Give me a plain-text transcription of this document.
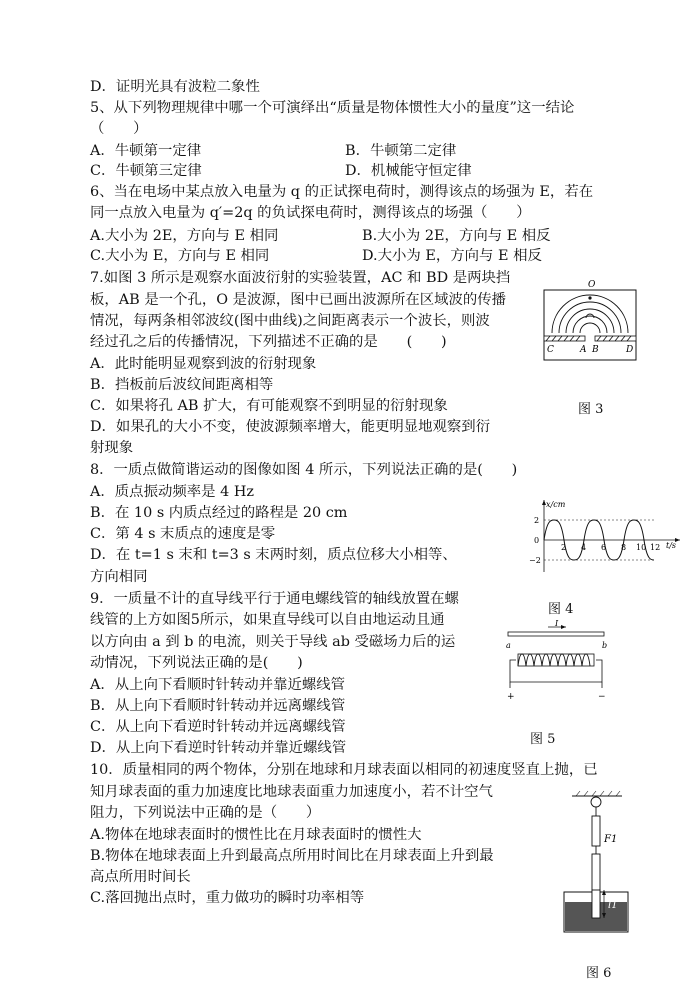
D．证明光具有波粒二象性
5、从下列物理规律中哪一个可演绎出“质量是物体惯性大小的量度”这一结论
（　　）
A．牛顿第一定律	B．牛顿第二定律
C．牛顿第三定律	D．机械能守恒定律
6、当在电场中某点放入电量为 q 的正试探电荷时，测得该点的场强为 E，若在
同一点放入电量为 q′=2q 的负试探电荷时，测得该点的场强（　　）
A.大小为 2E，方向与 E 相同	B.大小为 2E，方向与 E 相反
C.大小为 E，方向与 E 相同	D.大小为 E，方向与 E 相反
7.如图 3 所示是观察水面波衍射的实验装置，AC 和 BD 是两块挡
板，AB 是一个孔，O 是波源，图中已画出波源所在区域波的传播
情况，每两条相邻波纹(图中曲线)之间距离表示一个波长，则波
经过孔之后的传播情况，下列描述不正确的是　　(　　)
A．此时能明显观察到波的衍射现象
B．挡板前后波纹间距离相等
C．如果将孔 AB 扩大，有可能观察不到明显的衍射现象
D．如果孔的大小不变，使波源频率增大，能更明显地观察到衍
射现象
8．一质点做简谐运动的图像如图 4 所示，下列说法正确的是(　　)
A．质点振动频率是 4 Hz
B．在 10 s 内质点经过的路程是 20 cm
C．第 4 s 末质点的速度是零
D．在 t=1 s 末和 t=3 s 末两时刻，质点位移大小相等、
方向相同
9．一质量不计的直导线平行于通电螺线管的轴线放置在螺
线管的上方如图5所示，如果直导线可以自由地运动且通
以方向由 a 到 b 的电流，则关于导线 ab 受磁场力后的运
动情况，下列说法正确的是(　　)
A．从上向下看顺时针转动并靠近螺线管
B．从上向下看顺时针转动并远离螺线管
C．从上向下看逆时针转动并远离螺线管
D．从上向下看逆时针转动并靠近螺线管
10．质量相同的两个物体，分别在地球和月球表面以相同的初速度竖直上抛，已
知月球表面的重力加速度比地球表面重力加速度小，若不计空气
阻力，下列说法中正确的是（　　）
A.物体在地球表面时的惯性比在月球表面时的惯性大
B.物体在地球表面上升到最高点所用时间比在月球表面上升到最
高点所用时间长
C.落回抛出点时，重力做功的瞬时功率相等
O
C	A B	D
图 3
x/cm
t/s
2
0
−2
2 4 6 8 10 12
图 4
I
a	b
+	−
图 5
F1
l1
图 6
